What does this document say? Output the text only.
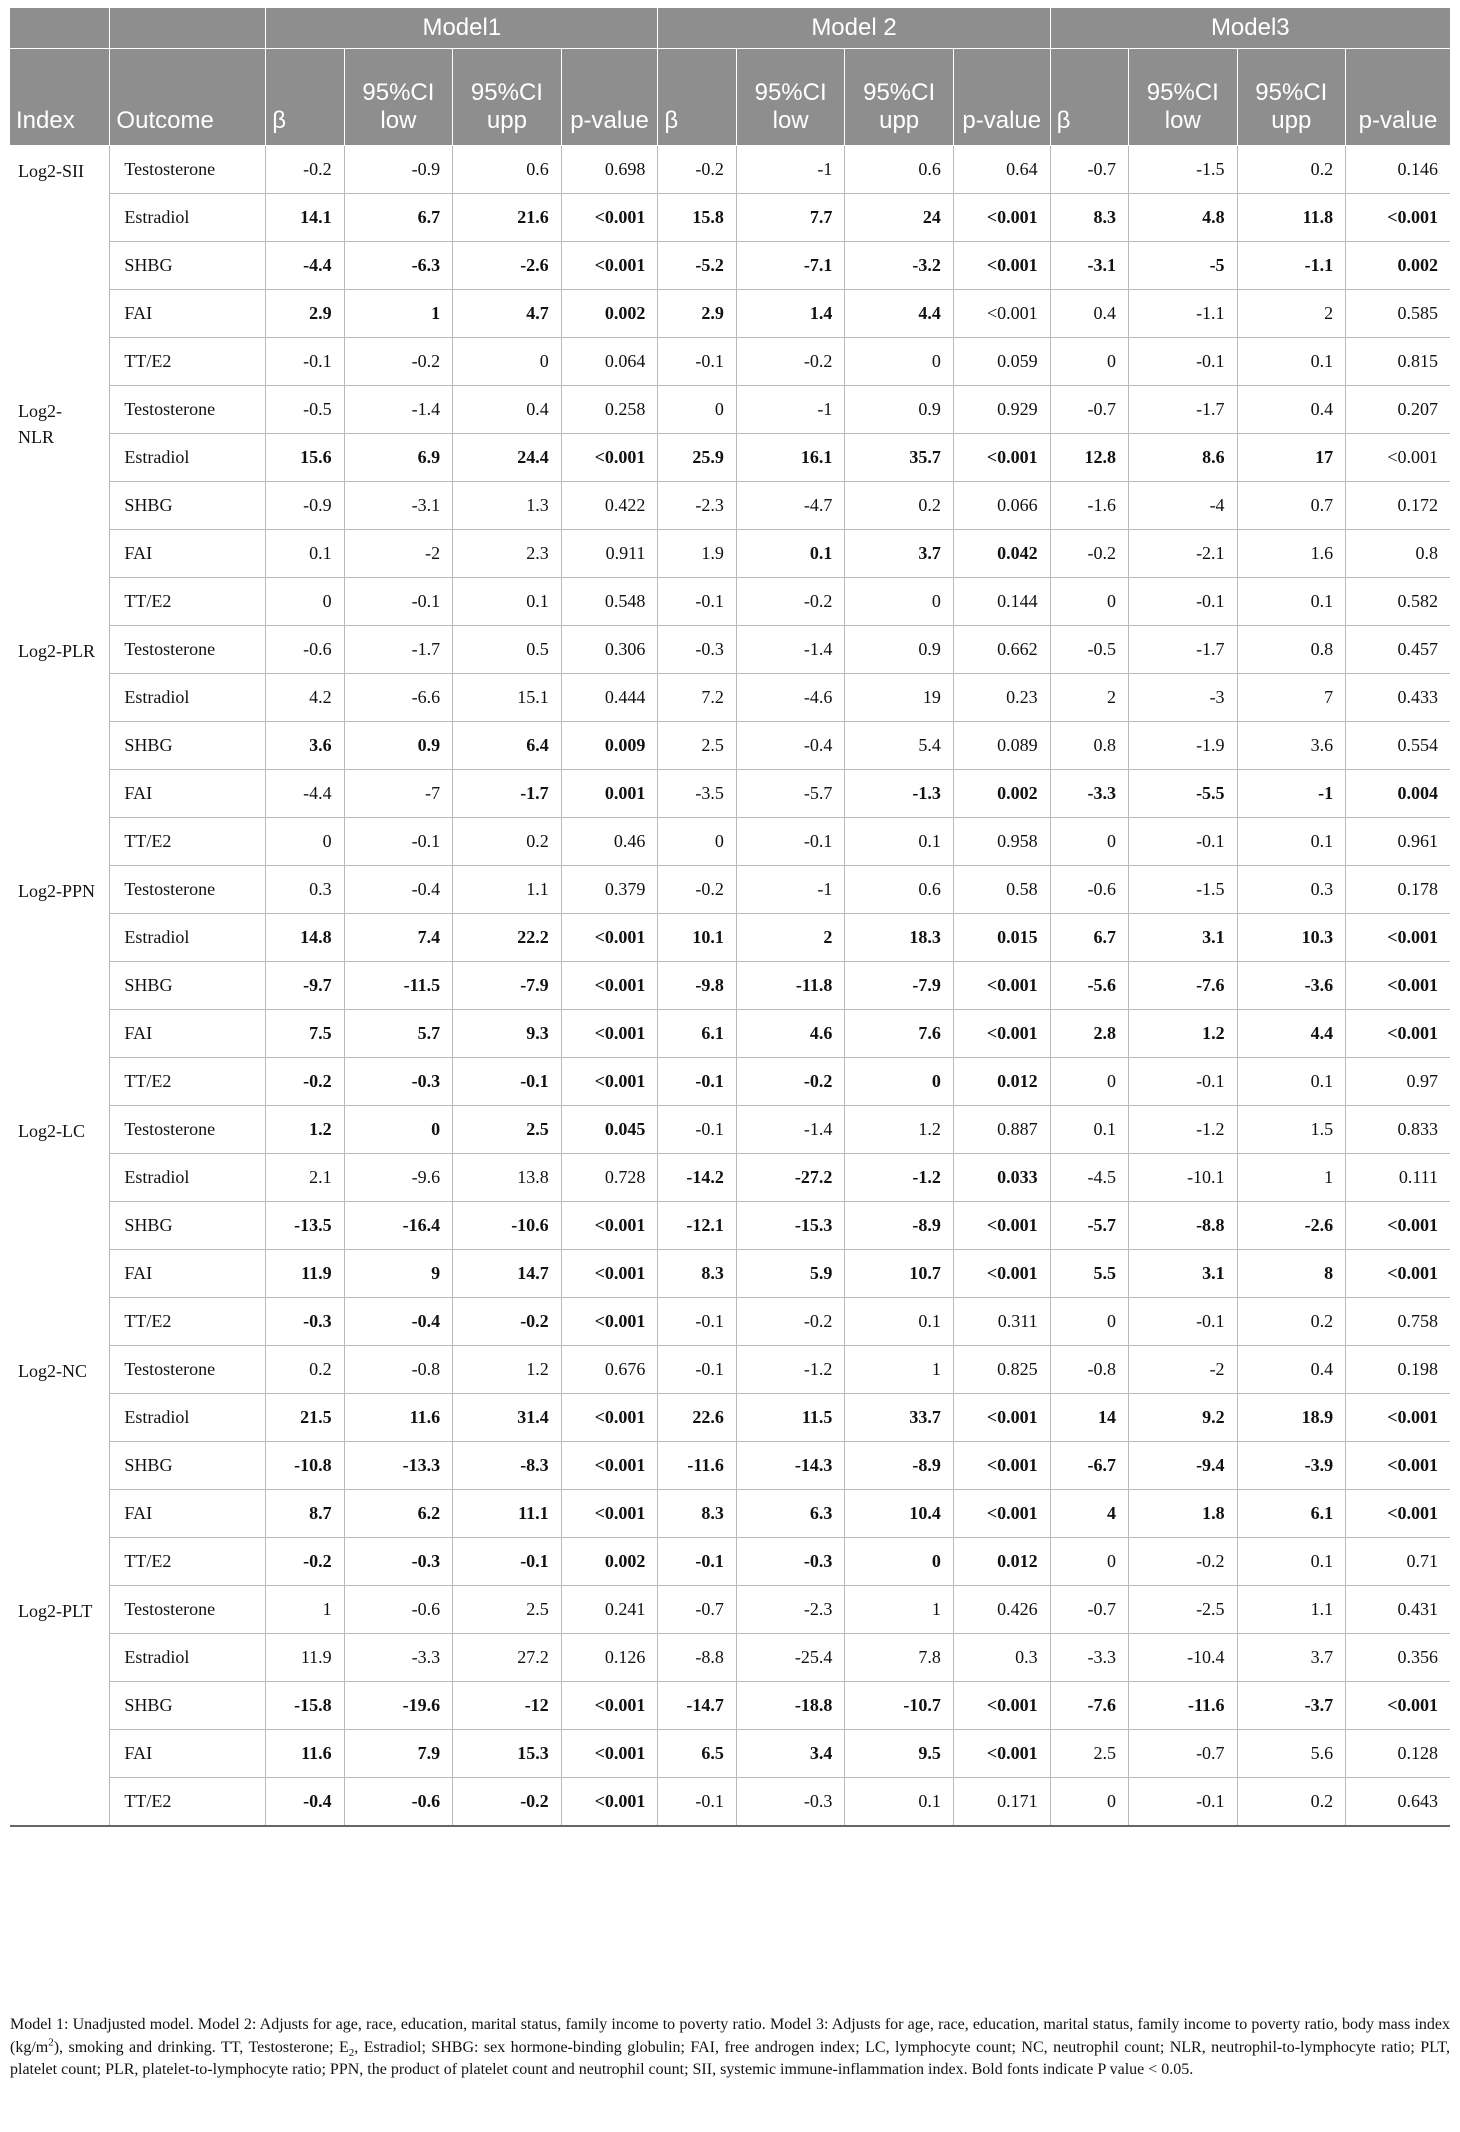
		Model1				Model 2				Model3			
Index	Outcome	β	95%CI low	95%CI upp	p-value	β	95%CI low	95%CI upp	p-value	β	95%CI low	95%CI upp	p-value
Log2-SII	Testosterone	-0.2	-0.9	0.6	0.698	-0.2	-1	0.6	0.64	-0.7	-1.5	0.2	0.146
	Estradiol	14.1	6.7	21.6	<0.001	15.8	7.7	24	<0.001	8.3	4.8	11.8	<0.001
	SHBG	-4.4	-6.3	-2.6	<0.001	-5.2	-7.1	-3.2	<0.001	-3.1	-5	-1.1	0.002
	FAI	2.9	1	4.7	0.002	2.9	1.4	4.4	<0.001	0.4	-1.1	2	0.585
	TT/E2	-0.1	-0.2	0	0.064	-0.1	-0.2	0	0.059	0	-0.1	0.1	0.815
Log2-NLR	Testosterone	-0.5	-1.4	0.4	0.258	0	-1	0.9	0.929	-0.7	-1.7	0.4	0.207
	Estradiol	15.6	6.9	24.4	<0.001	25.9	16.1	35.7	<0.001	12.8	8.6	17	<0.001
	SHBG	-0.9	-3.1	1.3	0.422	-2.3	-4.7	0.2	0.066	-1.6	-4	0.7	0.172
	FAI	0.1	-2	2.3	0.911	1.9	0.1	3.7	0.042	-0.2	-2.1	1.6	0.8
	TT/E2	0	-0.1	0.1	0.548	-0.1	-0.2	0	0.144	0	-0.1	0.1	0.582
Log2-PLR	Testosterone	-0.6	-1.7	0.5	0.306	-0.3	-1.4	0.9	0.662	-0.5	-1.7	0.8	0.457
	Estradiol	4.2	-6.6	15.1	0.444	7.2	-4.6	19	0.23	2	-3	7	0.433
	SHBG	3.6	0.9	6.4	0.009	2.5	-0.4	5.4	0.089	0.8	-1.9	3.6	0.554
	FAI	-4.4	-7	-1.7	0.001	-3.5	-5.7	-1.3	0.002	-3.3	-5.5	-1	0.004
	TT/E2	0	-0.1	0.2	0.46	0	-0.1	0.1	0.958	0	-0.1	0.1	0.961
Log2-PPN	Testosterone	0.3	-0.4	1.1	0.379	-0.2	-1	0.6	0.58	-0.6	-1.5	0.3	0.178
	Estradiol	14.8	7.4	22.2	<0.001	10.1	2	18.3	0.015	6.7	3.1	10.3	<0.001
	SHBG	-9.7	-11.5	-7.9	<0.001	-9.8	-11.8	-7.9	<0.001	-5.6	-7.6	-3.6	<0.001
	FAI	7.5	5.7	9.3	<0.001	6.1	4.6	7.6	<0.001	2.8	1.2	4.4	<0.001
	TT/E2	-0.2	-0.3	-0.1	<0.001	-0.1	-0.2	0	0.012	0	-0.1	0.1	0.97
Log2-LC	Testosterone	1.2	0	2.5	0.045	-0.1	-1.4	1.2	0.887	0.1	-1.2	1.5	0.833
	Estradiol	2.1	-9.6	13.8	0.728	-14.2	-27.2	-1.2	0.033	-4.5	-10.1	1	0.111
	SHBG	-13.5	-16.4	-10.6	<0.001	-12.1	-15.3	-8.9	<0.001	-5.7	-8.8	-2.6	<0.001
	FAI	11.9	9	14.7	<0.001	8.3	5.9	10.7	<0.001	5.5	3.1	8	<0.001
	TT/E2	-0.3	-0.4	-0.2	<0.001	-0.1	-0.2	0.1	0.311	0	-0.1	0.2	0.758
Log2-NC	Testosterone	0.2	-0.8	1.2	0.676	-0.1	-1.2	1	0.825	-0.8	-2	0.4	0.198
	Estradiol	21.5	11.6	31.4	<0.001	22.6	11.5	33.7	<0.001	14	9.2	18.9	<0.001
	SHBG	-10.8	-13.3	-8.3	<0.001	-11.6	-14.3	-8.9	<0.001	-6.7	-9.4	-3.9	<0.001
	FAI	8.7	6.2	11.1	<0.001	8.3	6.3	10.4	<0.001	4	1.8	6.1	<0.001
	TT/E2	-0.2	-0.3	-0.1	0.002	-0.1	-0.3	0	0.012	0	-0.2	0.1	0.71
Log2-PLT	Testosterone	1	-0.6	2.5	0.241	-0.7	-2.3	1	0.426	-0.7	-2.5	1.1	0.431
	Estradiol	11.9	-3.3	27.2	0.126	-8.8	-25.4	7.8	0.3	-3.3	-10.4	3.7	0.356
	SHBG	-15.8	-19.6	-12	<0.001	-14.7	-18.8	-10.7	<0.001	-7.6	-11.6	-3.7	<0.001
	FAI	11.6	7.9	15.3	<0.001	6.5	3.4	9.5	<0.001	2.5	-0.7	5.6	0.128
	TT/E2	-0.4	-0.6	-0.2	<0.001	-0.1	-0.3	0.1	0.171	0	-0.1	0.2	0.643
Model 1: Unadjusted model. Model 2: Adjusts for age, race, education, marital status, family income to poverty ratio. Model 3: Adjusts for age, race, education, marital status, family income to poverty ratio, body mass index $(kg/m^2)$, smoking and drinking. TT, Testosterone; $E_2$, Estradiol; SHBG: sex hormone-binding globulin; FAI, free androgen index; LC, lymphocyte count; NC, neutrophil count; NLR, neutrophil-to-lymphocyte ratio; PLT, platelet count; PLR, platelet-to-lymphocyte ratio; PPN, the product of platelet count and neutrophil count; SII, systemic immune-inflammation index. Bold fonts indicate P value < 0.05.
